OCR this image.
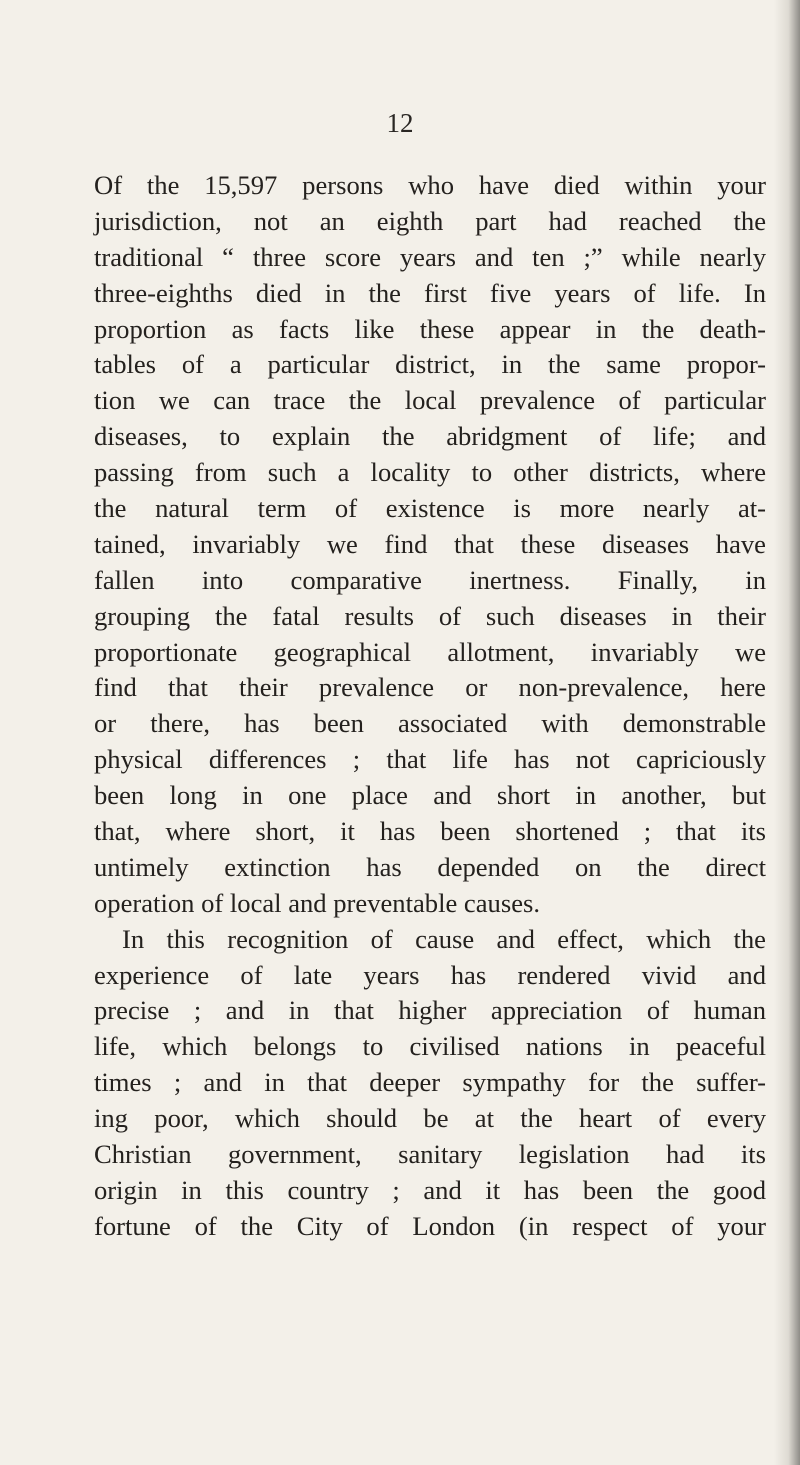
12

Of the 15,597 persons who have died within your
jurisdiction, not an eighth part had reached the
traditional “ three score years and ten ;” while nearly
three-eighths died in the first five years of life. In
proportion as facts like these appear in the death-
tables of a particular district, in the same propor-
tion we can trace the local prevalence of particular
diseases, to explain the abridgment of life; and
passing from such a locality to other districts, where
the natural term of existence is more nearly at-
tained, invariably we find that these diseases have
fallen into comparative inertness. Finally, in
grouping the fatal results of such diseases in their
proportionate geographical allotment, invariably we
find that their prevalence or non-prevalence, here
or there, has been associated with demonstrable
physical differences ; that life has not capriciously
been long in one place and short in another, but
that, where short, it has been shortened ; that its
untimely extinction has depended on the direct
operation of local and preventable causes.
In this recognition of cause and effect, which the
experience of late years has rendered vivid and
precise ; and in that higher appreciation of human
life, which belongs to civilised nations in peaceful
times ; and in that deeper sympathy for the suffer-
ing poor, which should be at the heart of every
Christian government, sanitary legislation had its
origin in this country ; and it has been the good
fortune of the City of London (in respect of your
